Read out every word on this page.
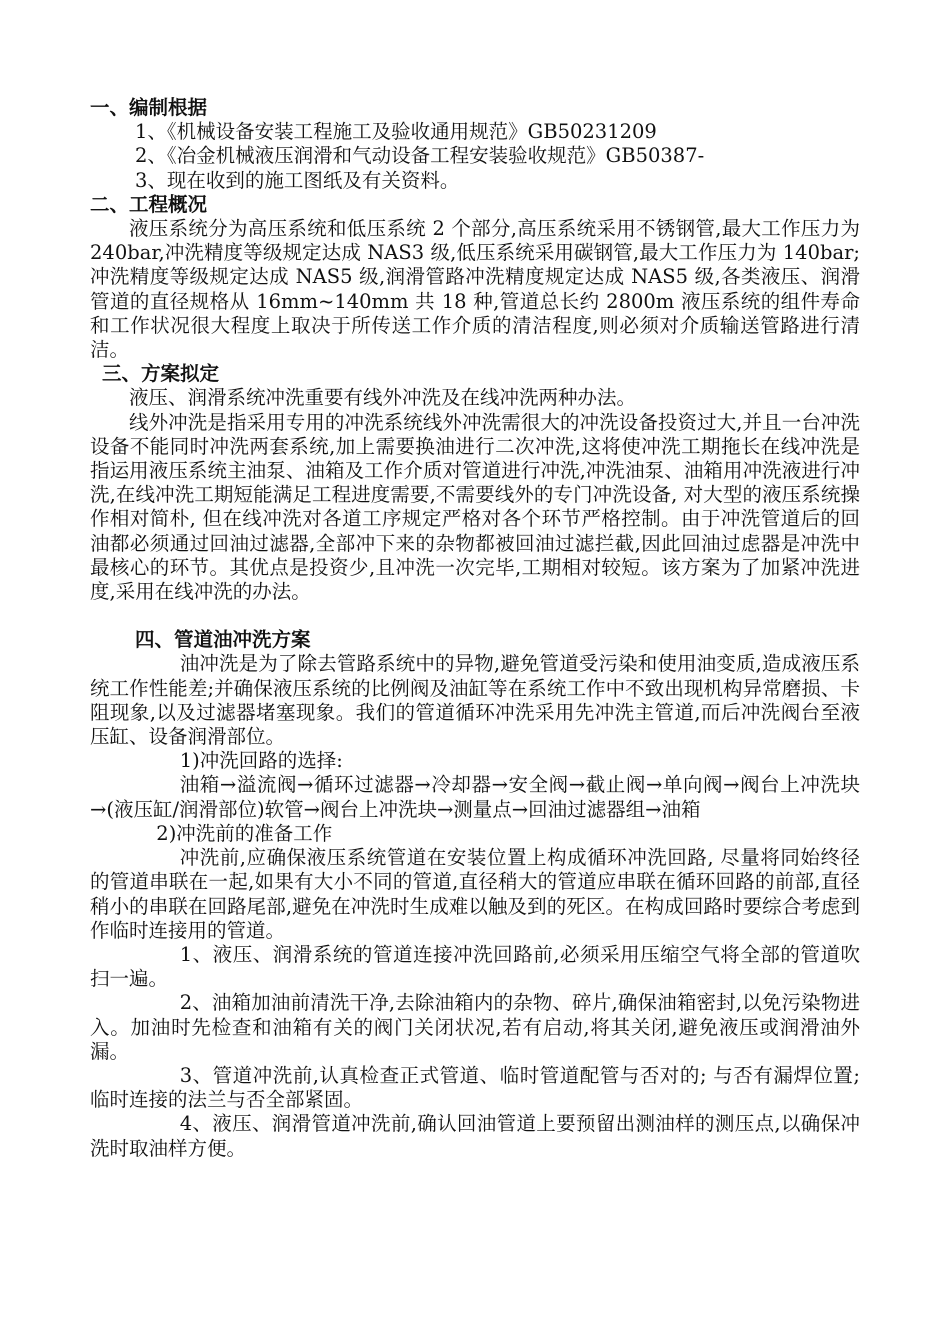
一、编制根据

1、《机械设备安装工程施工及验收通用规范》GB50231209

2、《冶金机械液压润滑和气动设备工程安装验收规范》GB50387-

3、现在收到的施工图纸及有关资料。

二、工程概况

液压系统分为高压系统和低压系统 2 个部分,高压系统采用不锈钢管,最大工作压力为 240bar,冲洗精度等级规定达成 NAS3 级,低压系统采用碳钢管,最大工作压力为 140bar;冲洗精度等级规定达成 NAS5 级,润滑管路冲洗精度规定达成 NAS5 级,各类液压、润滑管道的直径规格从 16mm~140mm 共 18 种,管道总长约 2800m 液压系统的组件寿命和工作状况很大程度上取决于所传送工作介质的清洁程度,则必须对介质输送管路进行清洁。

三、方案拟定

液压、润滑系统冲洗重要有线外冲洗及在线冲洗两种办法。

线外冲洗是指采用专用的冲洗系统线外冲洗需很大的冲洗设备投资过大,并且一台冲洗设备不能同时冲洗两套系统,加上需要换油进行二次冲洗,这将使冲洗工期拖长在线冲洗是指运用液压系统主油泵、油箱及工作介质对管道进行冲洗,冲洗油泵、油箱用冲洗液进行冲洗,在线冲洗工期短能满足工程进度需要,不需要线外的专门冲洗设备, 对大型的液压系统操作相对简朴, 但在线冲洗对各道工序规定严格对各个环节严格控制。由于冲洗管道后的回油都必须通过回油过滤器,全部冲下来的杂物都被回油过滤拦截,因此回油过虑器是冲洗中最核心的环节。其优点是投资少,且冲洗一次完毕,工期相对较短。该方案为了加紧冲洗进度,采用在线冲洗的办法。

四、管道油冲洗方案

油冲洗是为了除去管路系统中的异物,避免管道受污染和使用油变质,造成液压系统工作性能差;并确保液压系统的比例阀及油缸等在系统工作中不致出现机构异常磨损、卡阻现象,以及过滤器堵塞现象。我们的管道循环冲洗采用先冲洗主管道,而后冲洗阀台至液压缸、设备润滑部位。

1)冲洗回路的选择:

油箱→溢流阀→循环过滤器→冷却器→安全阀→截止阀→单向阀→阀台上冲洗块→(液压缸/润滑部位)软管→阀台上冲洗块→测量点→回油过滤器组→油箱

2)冲洗前的准备工作

冲洗前,应确保液压系统管道在安装位置上构成循环冲洗回路, 尽量将同始终径的管道串联在一起,如果有大小不同的管道,直径稍大的管道应串联在循环回路的前部,直径稍小的串联在回路尾部,避免在冲洗时生成难以触及到的死区。在构成回路时要综合考虑到作临时连接用的管道。

1、液压、润滑系统的管道连接冲洗回路前,必须采用压缩空气将全部的管道吹扫一遍。

2、油箱加油前清洗干净,去除油箱内的杂物、碎片,确保油箱密封,以免污染物进入。加油时先检查和油箱有关的阀门关闭状况,若有启动,将其关闭,避免液压或润滑油外漏。

3、管道冲洗前,认真检查正式管道、临时管道配管与否对的; 与否有漏焊位置; 临时连接的法兰与否全部紧固。

4、液压、润滑管道冲洗前,确认回油管道上要预留出测油样的测压点,以确保冲洗时取油样方便。
